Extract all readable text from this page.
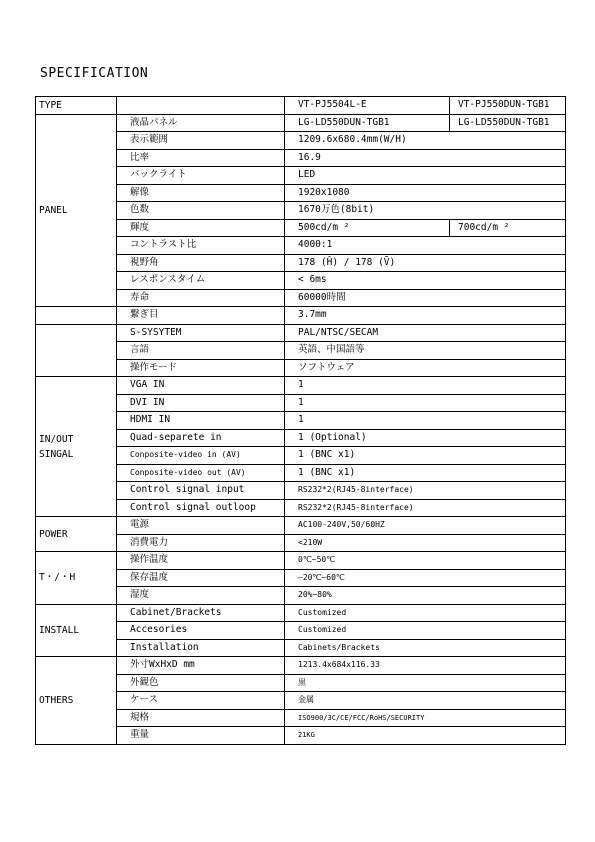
SPECIFICATION
TYPE		VT-PJ5504L-E	VT-PJ550DUN-TGB1
PANEL	液晶パネル	LG-LD550DUN-TGB1	LG-LD550DUN-TGB1
	表示範囲	1209.6x680.4mm(W/H)	
	比率	16.9	
	バックライト	LED	
	解像	1920x1080	
	色数	1670万色(8bit)	
	輝度	500cd/m ²	700cd/m ²
	コントラスト比	4000:1	
	視野角	178 (Ĥ) / 178 (Ṽ)	
	レスポンスタイム	< 6ms	
	寿命	60000時間	
	繋ぎ目	3.7mm	
	S-SYSYTEM	PAL/NTSC/SECAM	
	言語	英語、中国語等	
	操作モード	ソフトウェア	
IN/OUT
SINGAL	VGA IN	1	
	DVI IN	1	
	HDMI IN	1	
	Quad-separete in	1 (Optional)	
	Conposite-video in (AV)	1 (BNC x1)	
	Conposite-video out (AV)	1 (BNC x1)	
	Control signal input	RS232*2(RJ45-8interface)	
	Control signal outloop	RS232*2(RJ45-8interface)	
POWER	電源	AC100-240V,50/60HZ	
	消費電力	<210W	
T・/・H	操作温度	0℃~50℃	
	保存温度	—20℃~60℃	
	湿度	20%~80%	
INSTALL	Cabinet/Brackets	Customized	
	Accesories	Customized	
	Installation	Cabinets/Brackets	
OTHERS	外寸WxHxD mm	1213.4x684x116.33	
	外観色	黒	
	ケース	金属	
	規格	ISO900/3C/CE/FCC/RoHS/SECURITY	
	重量	21KG	
